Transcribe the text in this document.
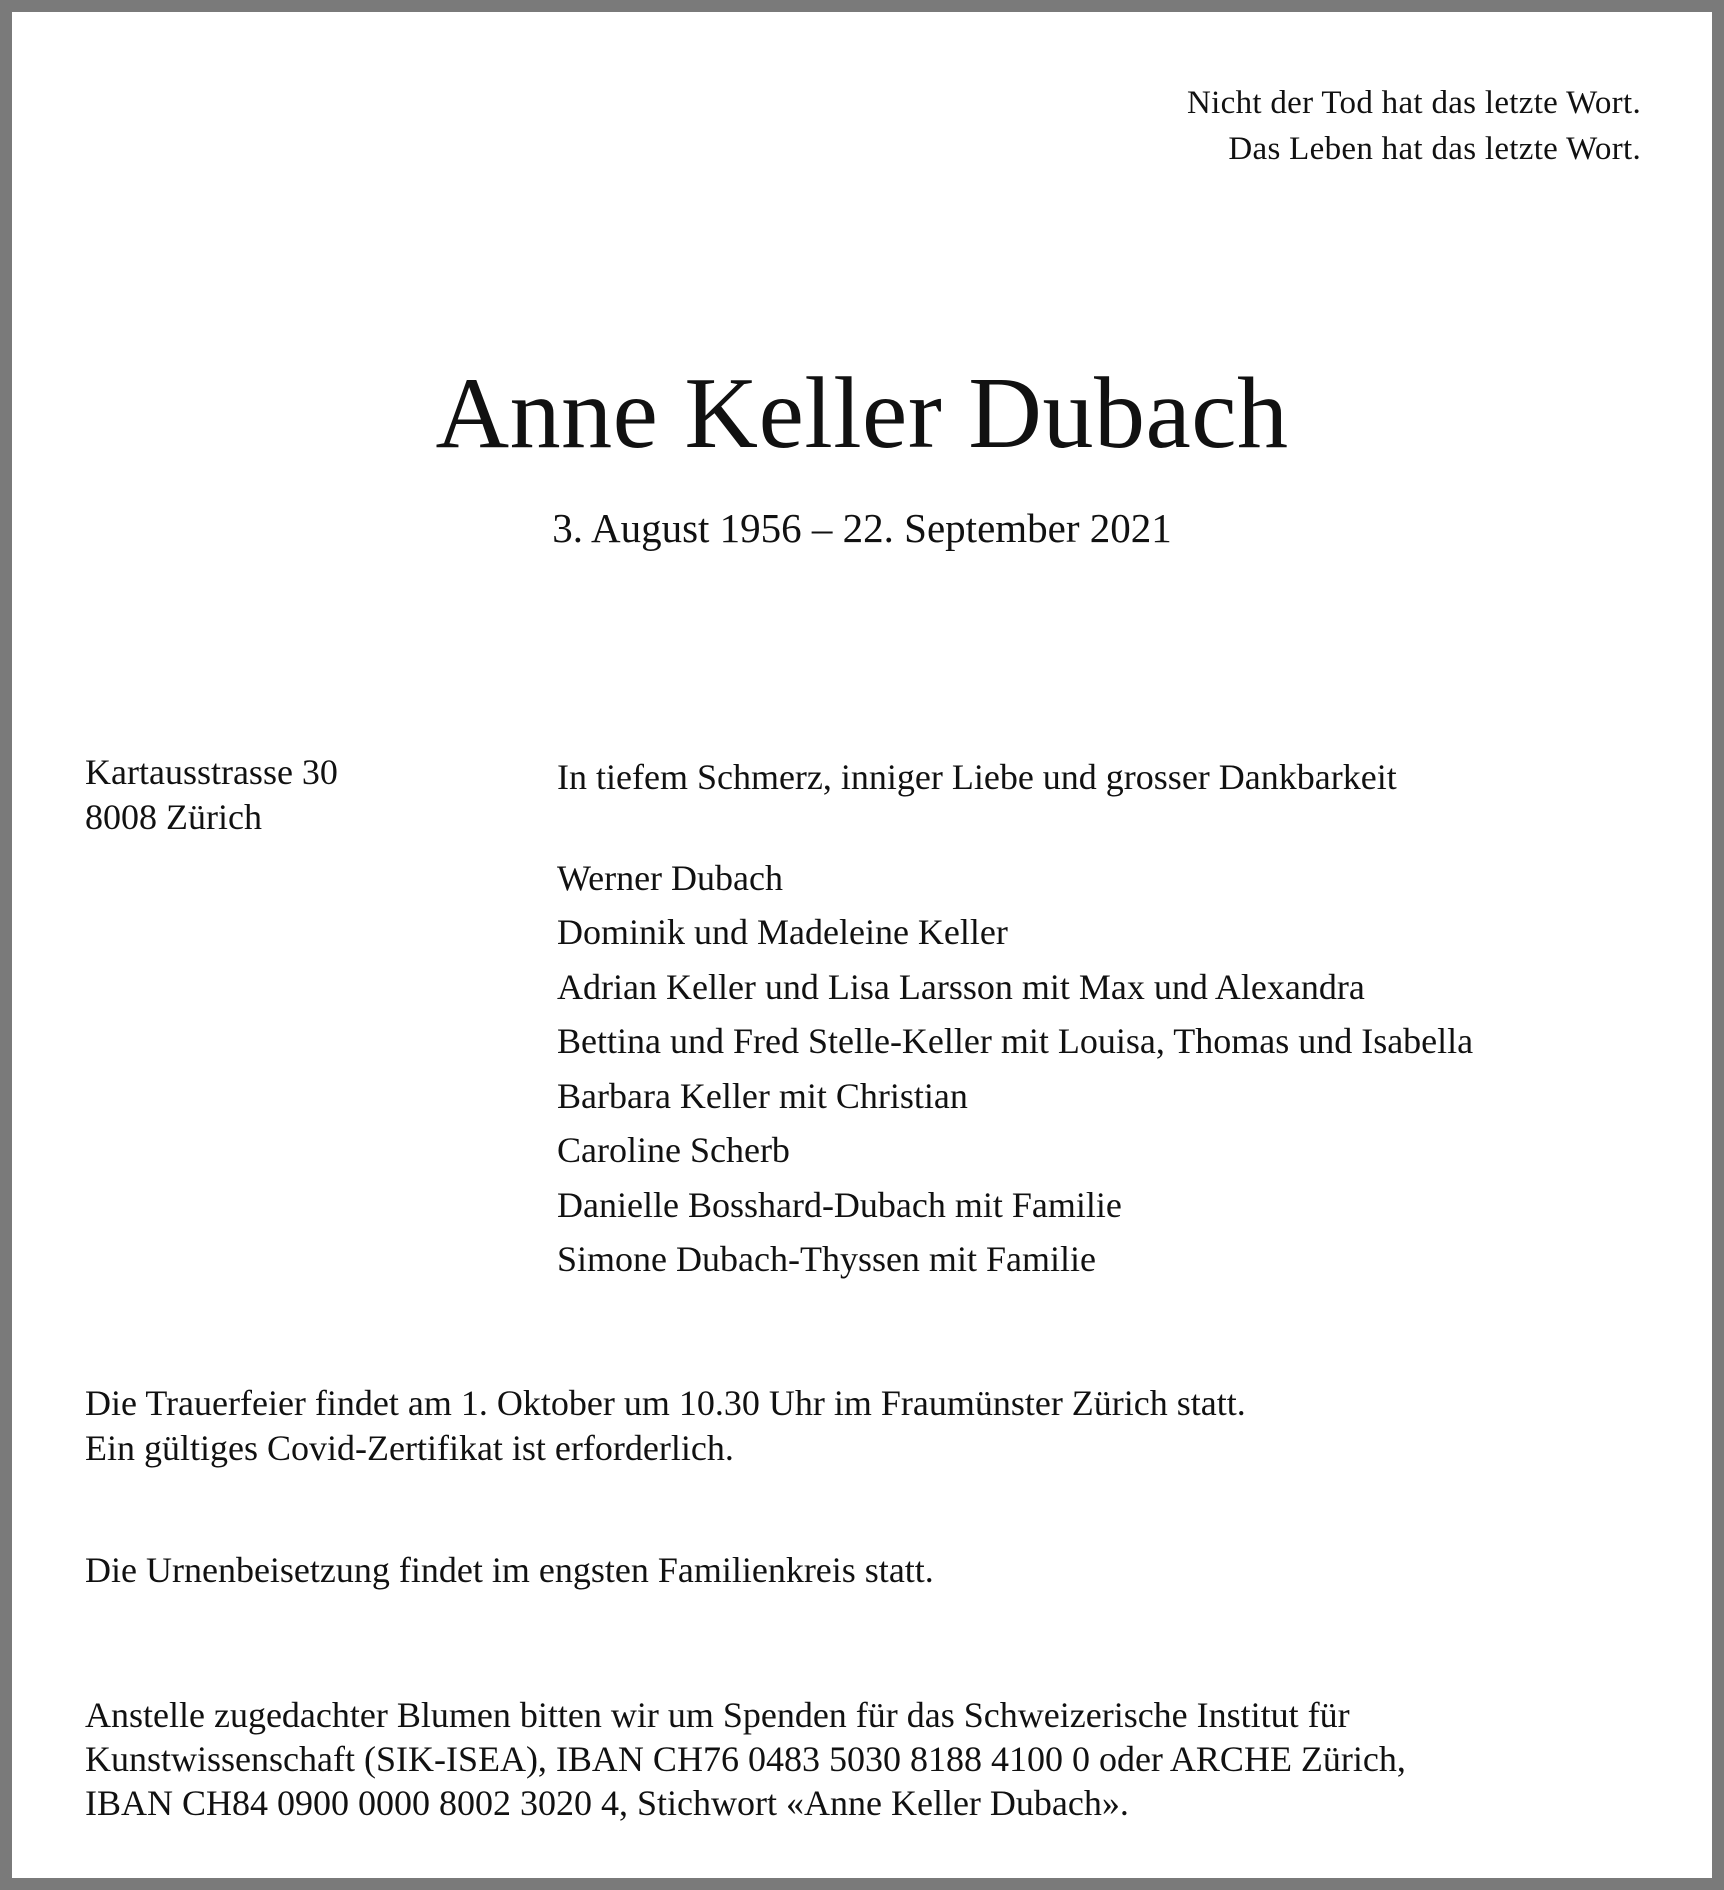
Nicht der Tod hat das letzte Wort.
Das Leben hat das letzte Wort.
Anne Keller Dubach
3. August 1956 – 22. September 2021
Kartausstrasse 30
8008 Zürich
In tiefem Schmerz, inniger Liebe und grosser Dankbarkeit
Werner Dubach
Dominik und Madeleine Keller
Adrian Keller und Lisa Larsson mit Max und Alexandra
Bettina und Fred Stelle-Keller mit Louisa, Thomas und Isabella
Barbara Keller mit Christian
Caroline Scherb
Danielle Bosshard-Dubach mit Familie
Simone Dubach-Thyssen mit Familie
Die Trauerfeier findet am 1. Oktober um 10.30 Uhr im Fraumünster Zürich statt.
Ein gültiges Covid-Zertifikat ist erforderlich.
Die Urnenbeisetzung findet im engsten Familienkreis statt.
Anstelle zugedachter Blumen bitten wir um Spenden für das Schweizerische Institut für
Kunstwissenschaft (SIK-ISEA), IBAN CH76 0483 5030 8188 4100 0 oder ARCHE Zürich,
IBAN CH84 0900 0000 8002 3020 4, Stichwort «Anne Keller Dubach».
